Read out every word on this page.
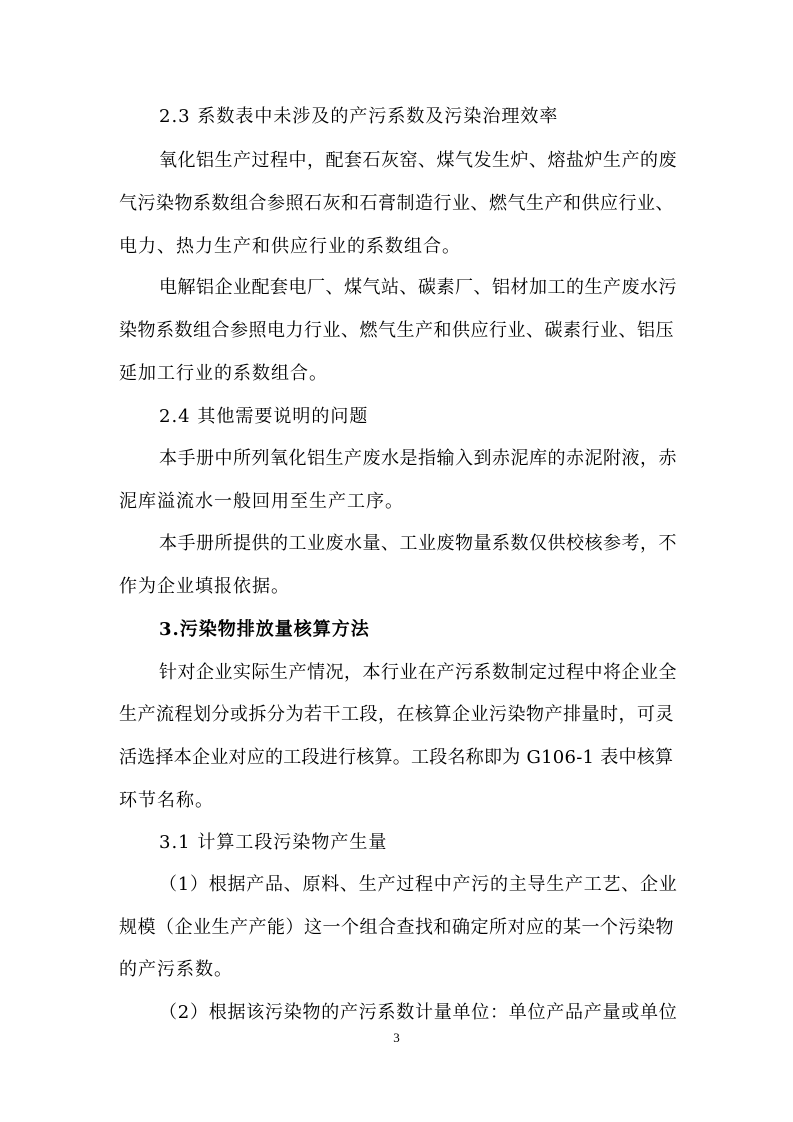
2.3 系数表中未涉及的产污系数及污染治理效率
氧化铝生产过程中，配套石灰窑、煤气发生炉、熔盐炉生产的废
气污染物系数组合参照石灰和石膏制造行业、燃气生产和供应行业、
电力、热力生产和供应行业的系数组合。
电解铝企业配套电厂、煤气站、碳素厂、铝材加工的生产废水污
染物系数组合参照电力行业、燃气生产和供应行业、碳素行业、铝压
延加工行业的系数组合。
2.4 其他需要说明的问题
本手册中所列氧化铝生产废水是指输入到赤泥库的赤泥附液，赤
泥库溢流水一般回用至生产工序。
本手册所提供的工业废水量、工业废物量系数仅供校核参考，不
作为企业填报依据。
3.污染物排放量核算方法
针对企业实际生产情况，本行业在产污系数制定过程中将企业全
生产流程划分或拆分为若干工段，在核算企业污染物产排量时，可灵
活选择本企业对应的工段进行核算。工段名称即为 G106-1 表中核算
环节名称。
3.1 计算工段污染物产生量
（1）根据产品、原料、生产过程中产污的主导生产工艺、企业
规模（企业生产产能）这一个组合查找和确定所对应的某一个污染物
的产污系数。
（2）根据该污染物的产污系数计量单位：单位产品产量或单位
3
